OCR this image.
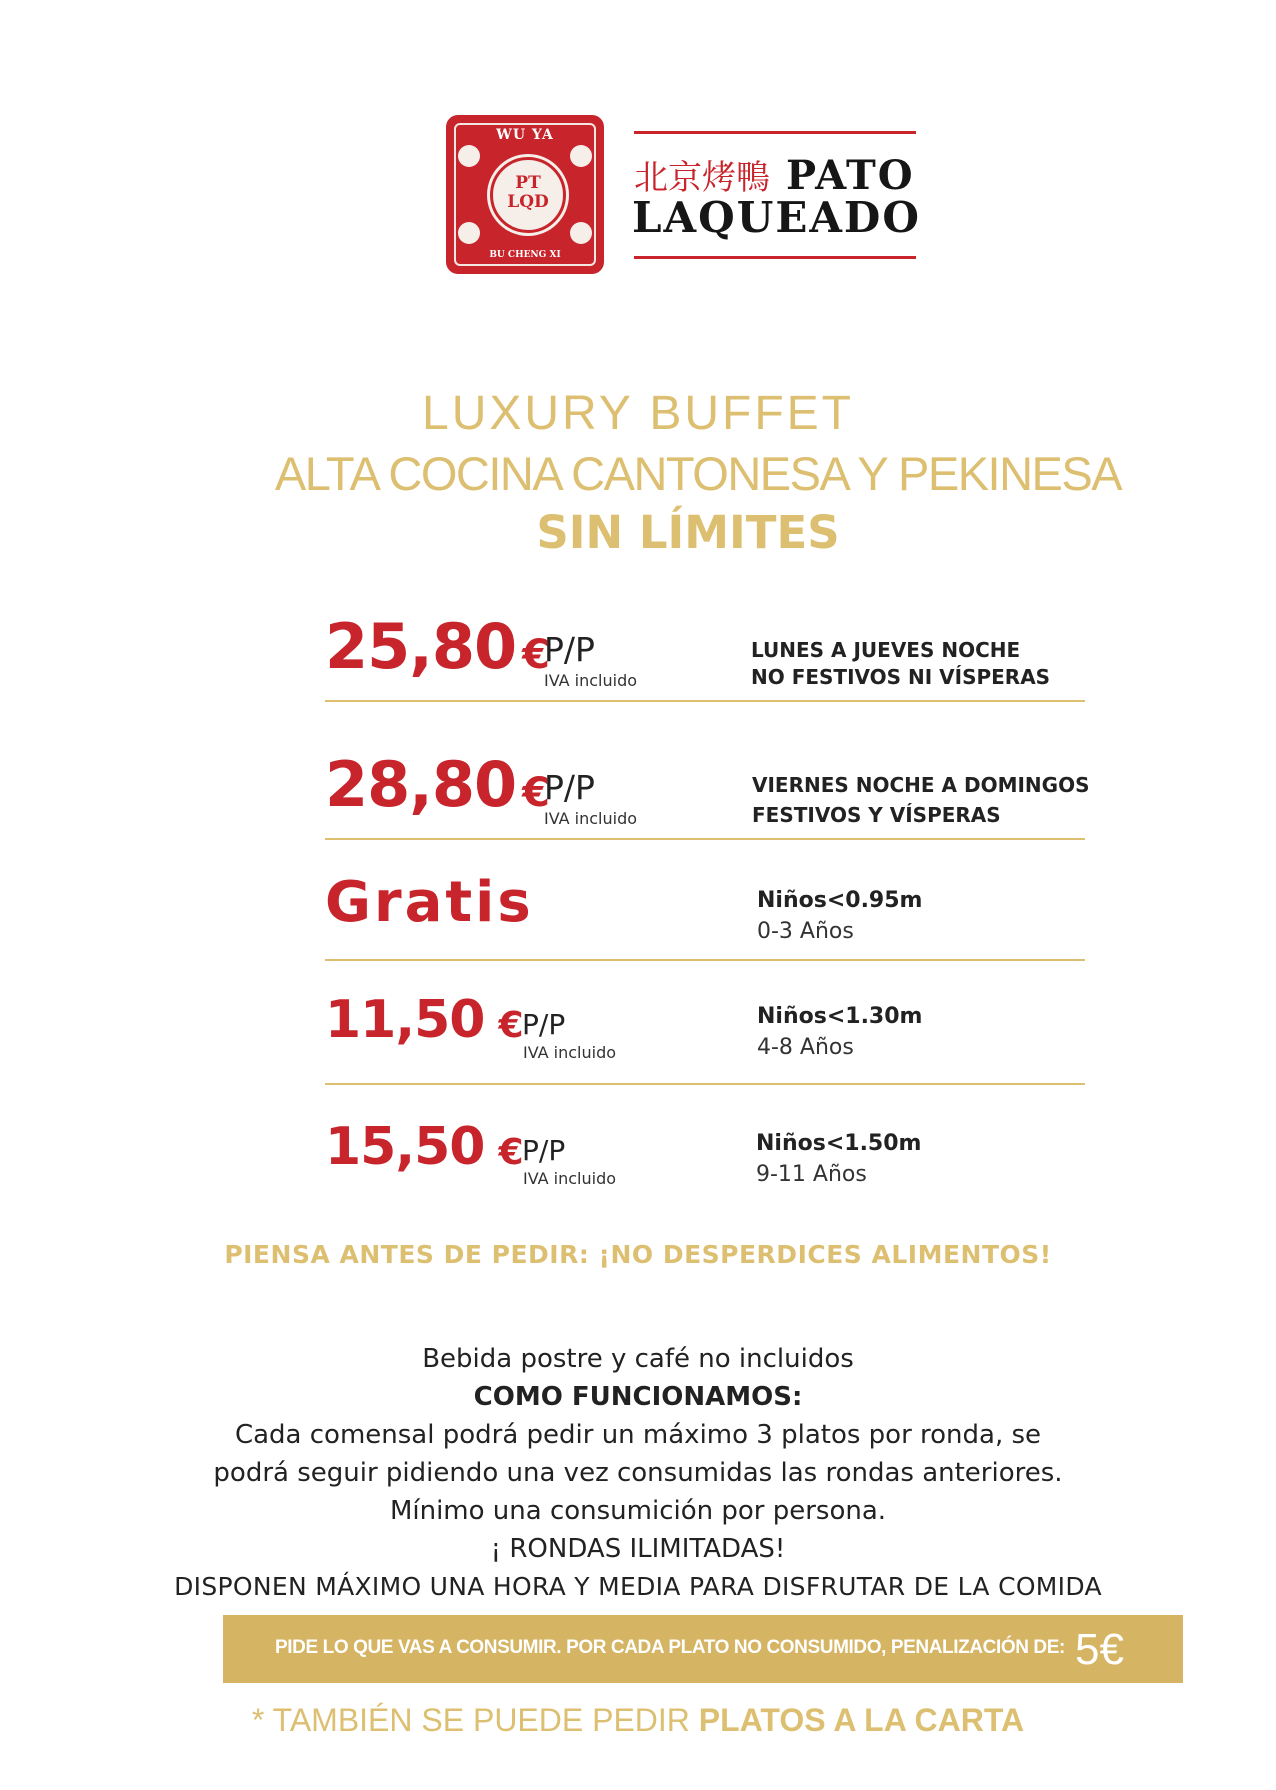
WU YA
PT
LQD
BU CHENG XI
北京烤鴨 PATO
LAQUEADO
LUXURY BUFFET
ALTA COCINA CANTONESA Y PEKINESA
SIN LÍMITES
25,80 €
P/P
IVA incluido
LUNES A JUEVES NOCHE
NO FESTIVOS NI VÍSPERAS
28,80 €
P/P
IVA incluido
VIERNES NOCHE A DOMINGOS
FESTIVOS Y VÍSPERAS
Gratis	Niños<0.95m
0-3 Años
11,50 € P/P
IVA incluido
Niños<1.30m
4-8 Años
15,50 € P/P
IVA incluido
Niños<1.50m
9-11 Años
PIENSA ANTES DE PEDIR: ¡NO DESPERDICES ALIMENTOS!
Bebida postre y café no incluidos
COMO FUNCIONAMOS:
Cada comensal podrá pedir un máximo 3 platos por ronda, se
podrá seguir pidiendo una vez consumidas las rondas anteriores.
Mínimo una consumición por persona.
¡ RONDAS ILIMITADAS!
DISPONEN MÁXIMO UNA HORA Y MEDIA PARA DISFRUTAR DE LA COMIDA
PIDE LO QUE VAS A CONSUMIR. POR CADA PLATO NO CONSUMIDO, PENALIZACIÓN DE: 5€
* TAMBIÉN SE PUEDE PEDIR PLATOS A LA CARTA
